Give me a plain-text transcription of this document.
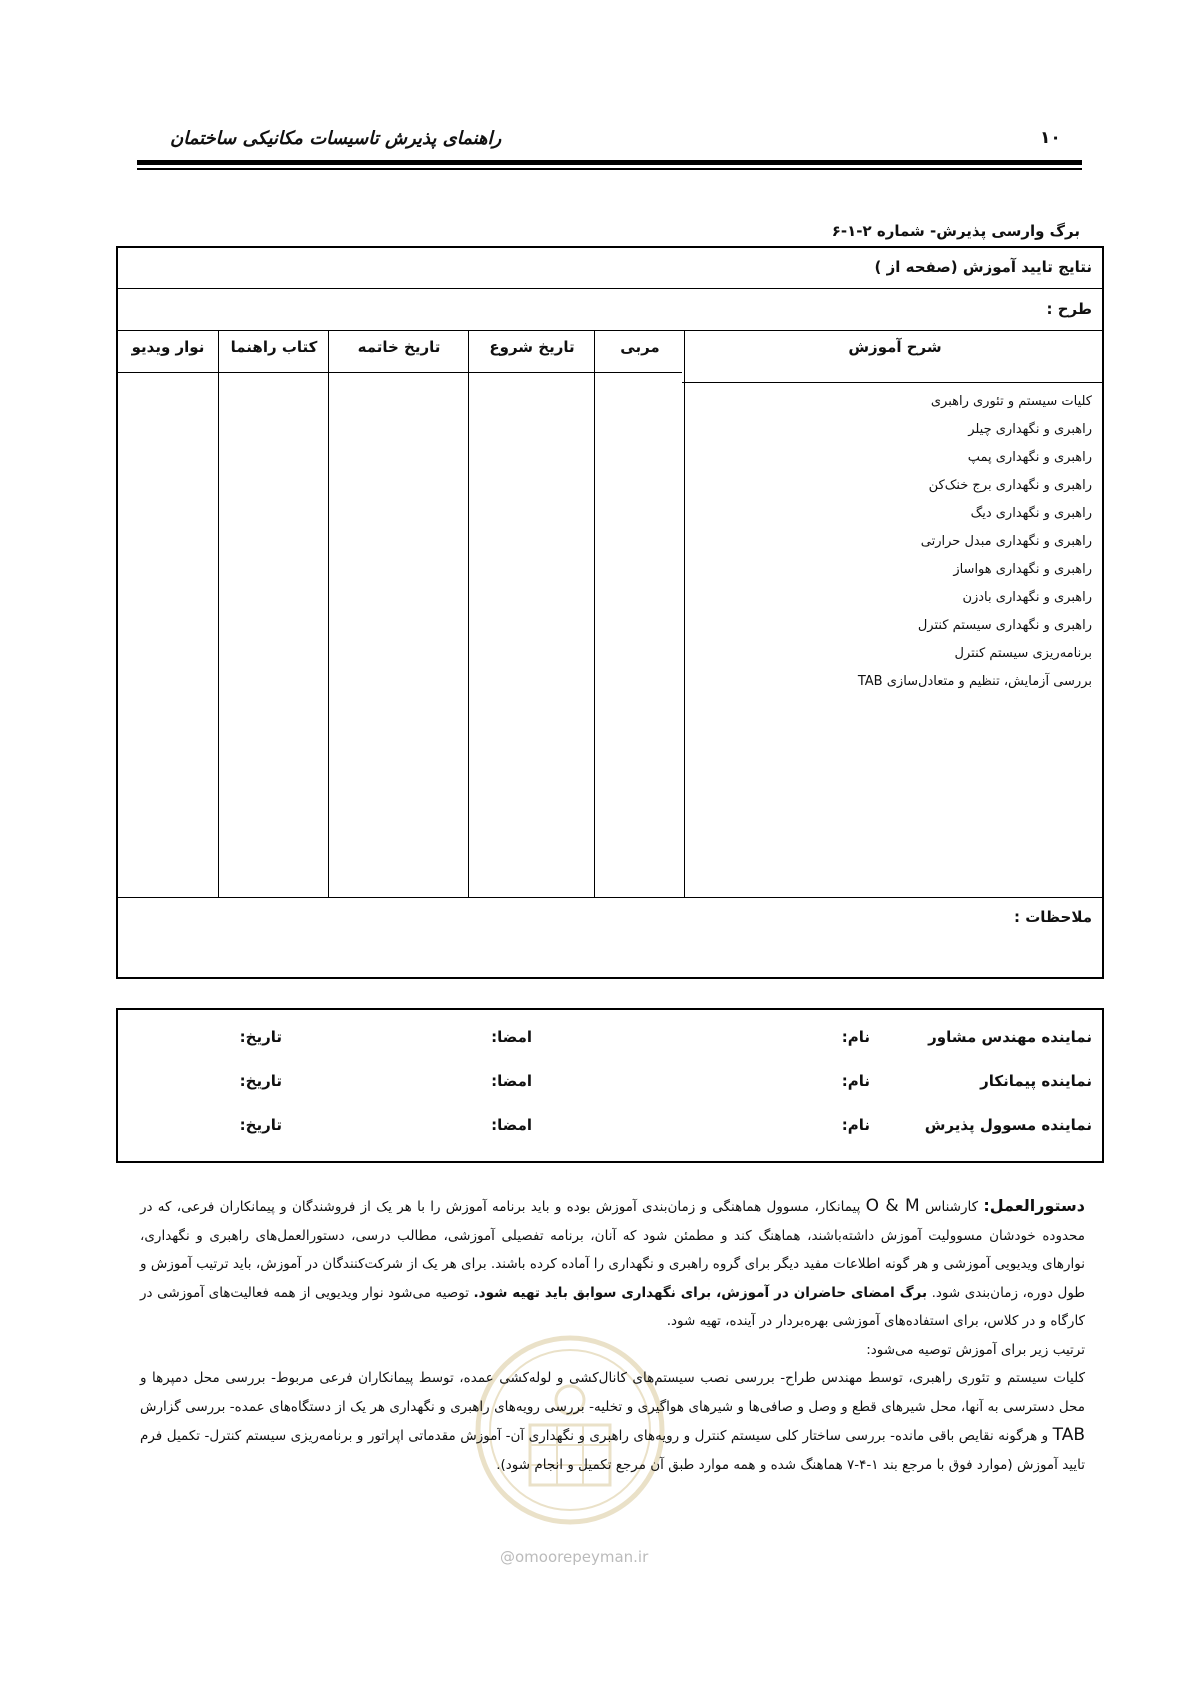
۱۰
راهنمای پذیرش تاسیسات مکانیکی ساختمان
برگ وارسی پذیرش- شماره ۲-۱-۶
نتایج تایید آموزش (صفحه از )
طرح :
شرح آموزش
مربی
تاریخ شروع
تاریخ خاتمه
کتاب راهنما
نوار ویدیو
کلیات سیستم و تئوری راهبری
راهبری و نگهداری چیلر
راهبری و نگهداری پمپ
راهبری و نگهداری برج خنک‌کن
راهبری و نگهداری دیگ
راهبری و نگهداری مبدل حرارتی
راهبری و نگهداری هواساز
راهبری و نگهداری بادزن
راهبری و نگهداری سیستم کنترل
برنامه‌ریزی سیستم کنترل
بررسی آزمایش، تنظیم و متعادل‌سازی TAB
ملاحظات :
نماینده مهندس مشاور
نام:
امضا:
تاریخ:
نماینده پیمانکار
نام:
امضا:
تاریخ:
نماینده مسوول پذیرش
نام:
امضا:
تاریخ:
@omoorepeyman.ir

دستورالعمل: کارشناس O & M پیمانکار، مسوول هماهنگی و زمان‌بندی آموزش بوده و باید برنامه آموزش را با هر یک از فروشندگان و پیمانکاران فرعی، که در محدوده خودشان مسوولیت آموزش داشته‌باشند، هماهنگ کند و مطمئن شود که آنان، برنامه تفصیلی آموزشی، مطالب درسی، دستورالعمل‌های راهبری و نگهداری، نوارهای ویدیویی آموزشی و هر گونه اطلاعات مفید دیگر برای گروه راهبری و نگهداری را آماده کرده باشند. برای هر یک از شرکت‌کنندگان در آموزش، باید ترتیب آموزش و طول دوره، زمان‌بندی شود. برگ امضای حاضران در آموزش، برای نگهداری سوابق باید تهیه شود. توصیه می‌شود نوار ویدیویی از همه فعالیت‌های آموزشی در کارگاه و در کلاس، برای استفاده‌های آموزشی بهره‌بردار در آینده، تهیه شود.

ترتیب زیر برای آموزش توصیه می‌شود:

کلیات سیستم و تئوری راهبری، توسط مهندس طراح- بررسی نصب سیستم‌های کانال‌کشی و لوله‌کشی عمده، توسط پیمانکاران فرعی مربوط- بررسی محل دمپرها و محل دسترسی به آنها، محل شیرهای قطع و وصل و صافی‌ها و شیرهای هواگیری و تخلیه- بررسی رویه‌های راهبری و نگهداری هر یک از دستگاه‌های عمده- بررسی گزارش TAB و هرگونه نقایص باقی مانده- بررسی ساختار کلی سیستم کنترل و رویه‌های راهبری و نگهداری آن- آموزش مقدماتی اپراتور و برنامه‌ریزی سیستم کنترل- تکمیل فرم تایید آموزش (موارد فوق با مرجع بند ۱-۴-۷ هماهنگ شده و همه موارد طبق آن مرجع تکمیل و انجام شود).
